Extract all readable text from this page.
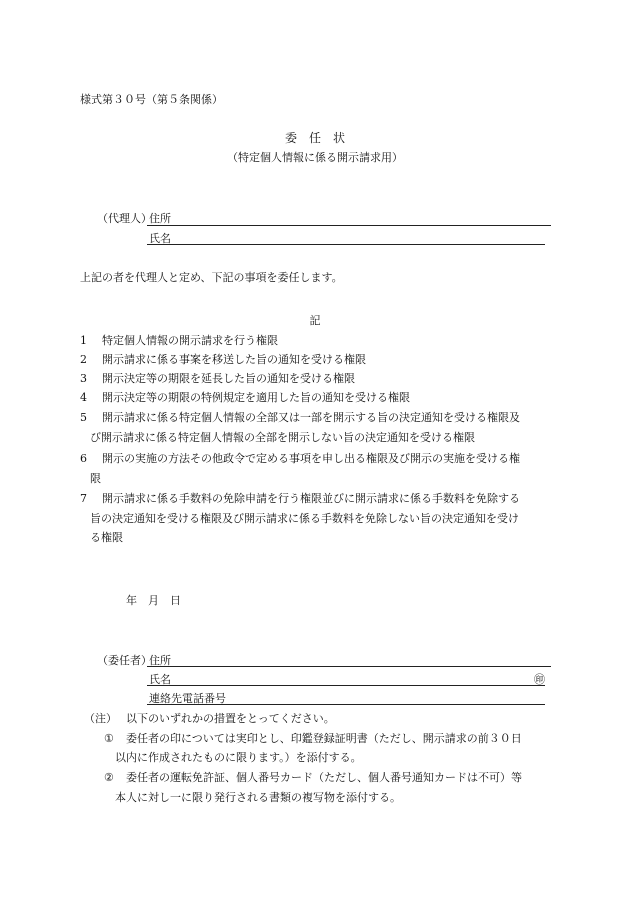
様式第３０号（第５条関係）
委　任　状
（特定個人情報に係る開示請求用）
（代理人）
住所
氏名
上記の者を代理人と定め、下記の事項を委任します。
記
1 特定個人情報の開示請求を行う権限
2 開示請求に係る事案を移送した旨の通知を受ける権限
3 開示決定等の期限を延長した旨の通知を受ける権限
4 開示決定等の期限の特例規定を適用した旨の通知を受ける権限
5 開示請求に係る特定個人情報の全部又は一部を開示する旨の決定通知を受ける権限及
び開示請求に係る特定個人情報の全部を開示しない旨の決定通知を受ける権限
6 開示の実施の方法その他政令で定める事項を申し出る権限及び開示の実施を受ける権
限
7 開示請求に係る手数料の免除申請を行う権限並びに開示請求に係る手数料を免除する
旨の決定通知を受ける権限及び開示請求に係る手数料を免除しない旨の決定通知を受け
る権限
年　月　日
（委任者）
住所
氏名	㊞
連絡先電話番号
（注） 以下のいずれかの措置をとってください。
① 委任者の印については実印とし、印鑑登録証明書（ただし、開示請求の前３０日
以内に作成されたものに限ります。）を添付する。
② 委任者の運転免許証、個人番号カード（ただし、個人番号通知カードは不可）等
本人に対し一に限り発行される書類の複写物を添付する。
